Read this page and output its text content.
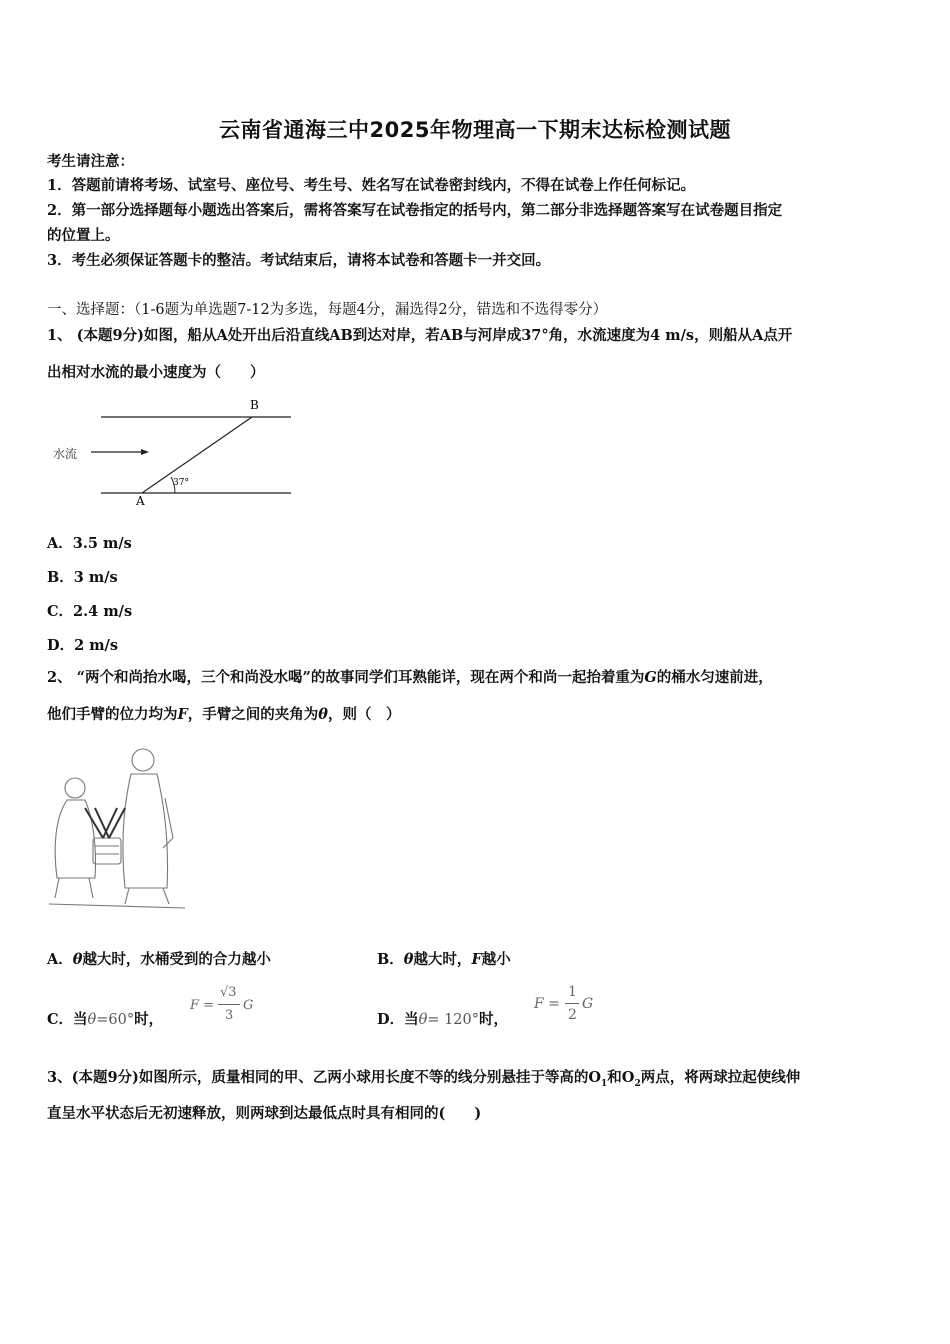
云南省通海三中2025年物理高一下期末达标检测试题
考生请注意：
1．答题前请将考场、试室号、座位号、考生号、姓名写在试卷密封线内，不得在试卷上作任何标记。
2．第一部分选择题每小题选出答案后，需将答案写在试卷指定的括号内，第二部分非选择题答案写在试卷题目指定
的位置上。
3．考生必须保证答题卡的整洁。考试结束后，请将本试卷和答题卡一并交回。
一、选择题：（1-6题为单选题7-12为多选，每题4分，漏选得2分，错选和不选得零分）
1、 (本题9分)如图，船从A处开出后沿直线AB到达对岸，若AB与河岸成37°角，水流速度为4 m/s，则船从A点开
出相对水流的最小速度为（　　）
B
A
水流
37°
A．3.5 m/s
B．3 m/s
C．2.4 m/s
D．2 m/s
2、 “两个和尚抬水喝，三个和尚没水喝”的故事同学们耳熟能详，现在两个和尚一起抬着重为G的桶水匀速前进，
他们手臂的位力均为F，手臂之间的夹角为θ，则（　）
A．θ越大时，水桶受到的合力越小	B．θ越大时，F越小
C．当θ=60°时，
F =
√3
3
G
D．当θ= 120°时，
F =
1
2
G
3、(本题9分)如图所示，质量相同的甲、乙两小球用长度不等的线分别悬挂于等高的$O_1$和$O_2$两点，将两球拉起使线伸
直呈水平状态后无初速释放，则两球到达最低点时具有相同的(　　)
